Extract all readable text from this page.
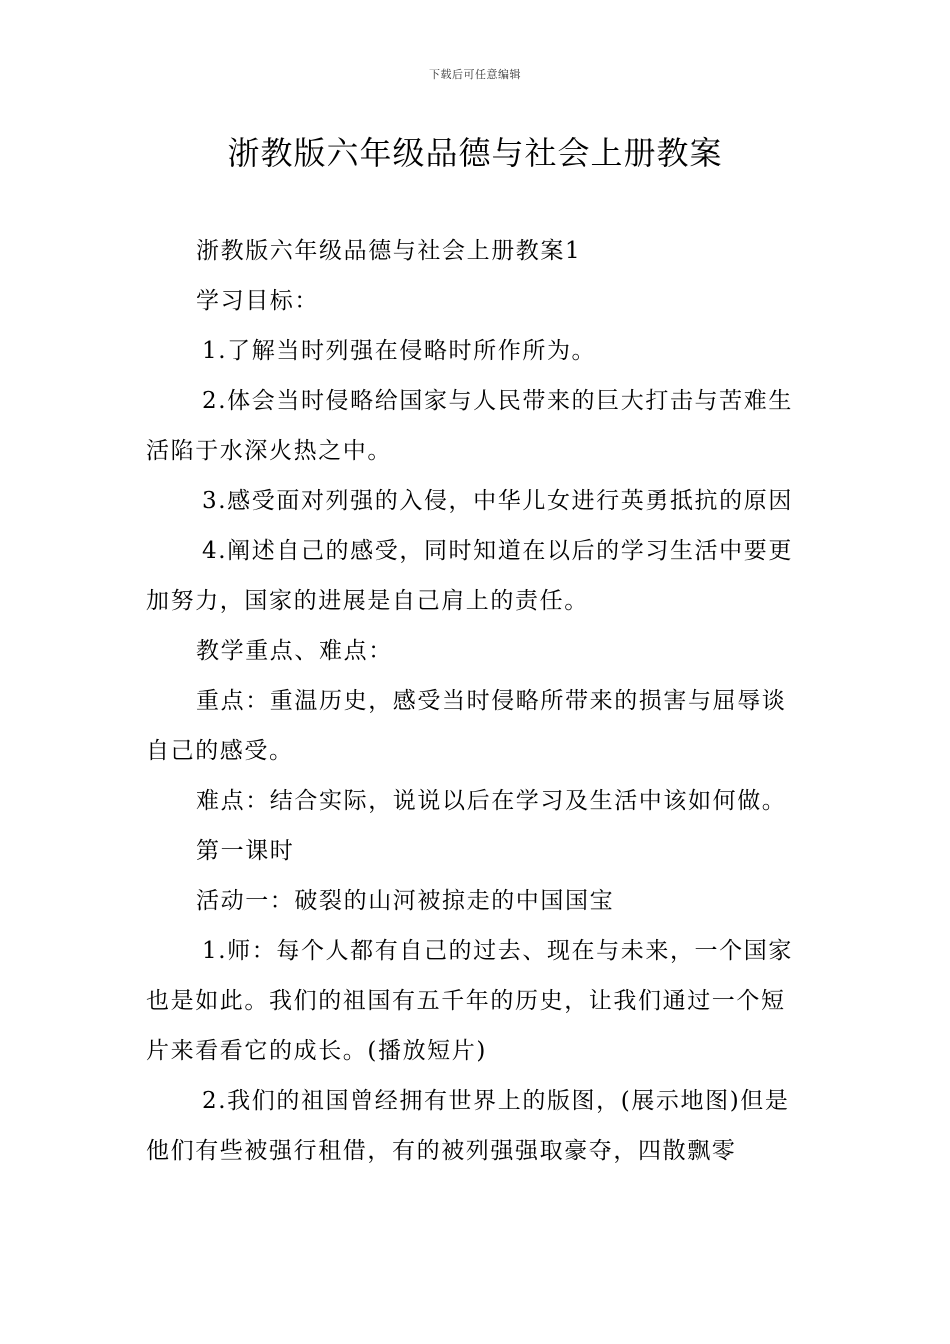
下载后可任意编辑
浙教版六年级品德与社会上册教案

浙教版六年级品德与社会上册教案1

学习目标：

1.了解当时列强在侵略时所作所为。

2.体会当时侵略给国家与人民带来的巨大打击与苦难生活陷于水深火热之中。

3.感受面对列强的入侵，中华儿女进行英勇抵抗的原因

4.阐述自己的感受，同时知道在以后的学习生活中要更加努力，国家的进展是自己肩上的责任。

教学重点、难点：

重点：重温历史，感受当时侵略所带来的损害与屈辱谈自己的感受。

难点：结合实际，说说以后在学习及生活中该如何做。

第一课时

活动一：破裂的山河被掠走的中国国宝

1.师：每个人都有自己的过去、现在与未来，一个国家也是如此。我们的祖国有五千年的历史，让我们通过一个短片来看看它的成长。(播放短片)

2.我们的祖国曾经拥有世界上的版图，(展示地图)但是他们有些被强行租借，有的被列强强取豪夺，四散飘零
